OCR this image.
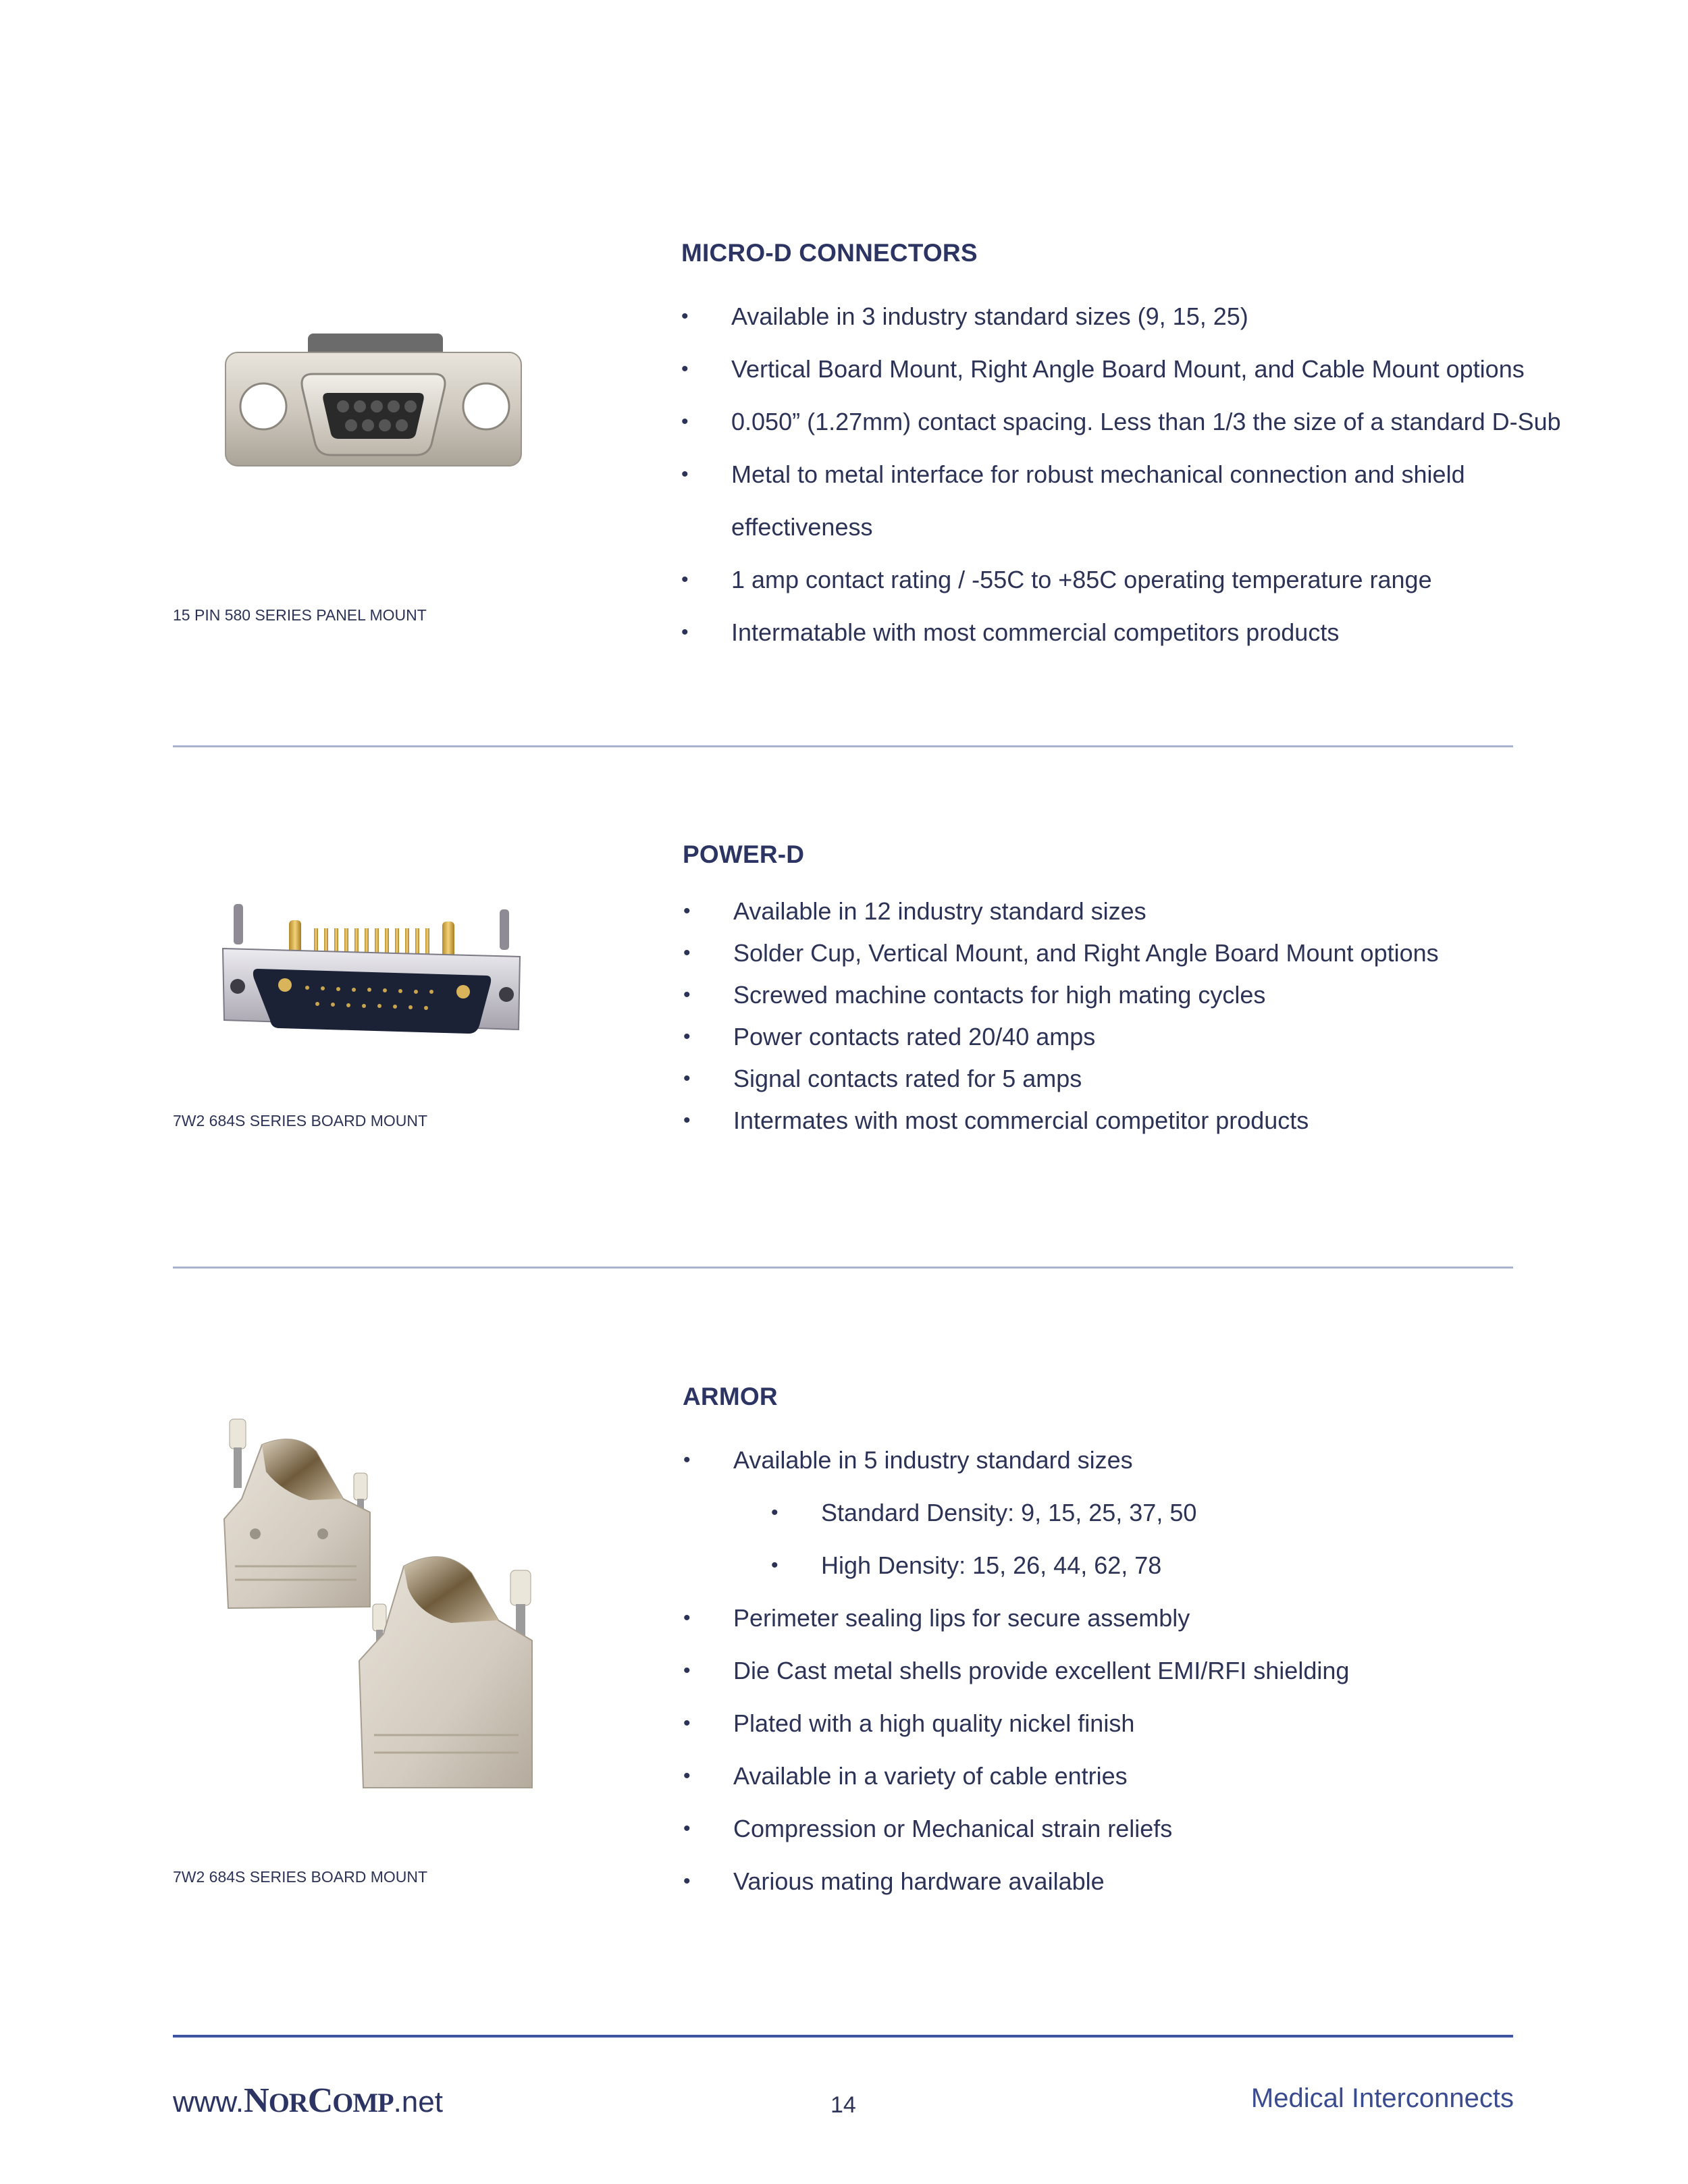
15 PIN 580 SERIES PANEL MOUNT
MICRO-D CONNECTORS
• Available in 3 industry standard sizes (9, 15, 25)
• Vertical Board Mount, Right Angle Board Mount, and Cable Mount options
• 0.050” (1.27mm) contact spacing. Less than 1/3 the size of a standard D-Sub
• Metal to metal interface for robust mechanical connection and shield
effectiveness
• 1 amp contact rating / -55C to +85C operating temperature range
• Intermatable with most commercial competitors products
7W2 684S SERIES BOARD MOUNT
POWER-D
• Available in 12 industry standard sizes
• Solder Cup, Vertical Mount, and Right Angle Board Mount options
• Screwed machine contacts for high mating cycles
• Power contacts rated 20/40 amps
• Signal contacts rated for 5 amps
• Intermates with most commercial competitor products
7W2 684S SERIES BOARD MOUNT
ARMOR
• Available in 5 industry standard sizes
• Standard Density: 9, 15, 25, 37, 50
• High Density: 15, 26, 44, 62, 78
• Perimeter sealing lips for secure assembly
• Die Cast metal shells provide excellent EMI/RFI shielding
• Plated with a high quality nickel finish
• Available in a variety of cable entries
• Compression or Mechanical strain reliefs
• Various mating hardware available
www.NORCOMP.net	14	Medical Interconnects
